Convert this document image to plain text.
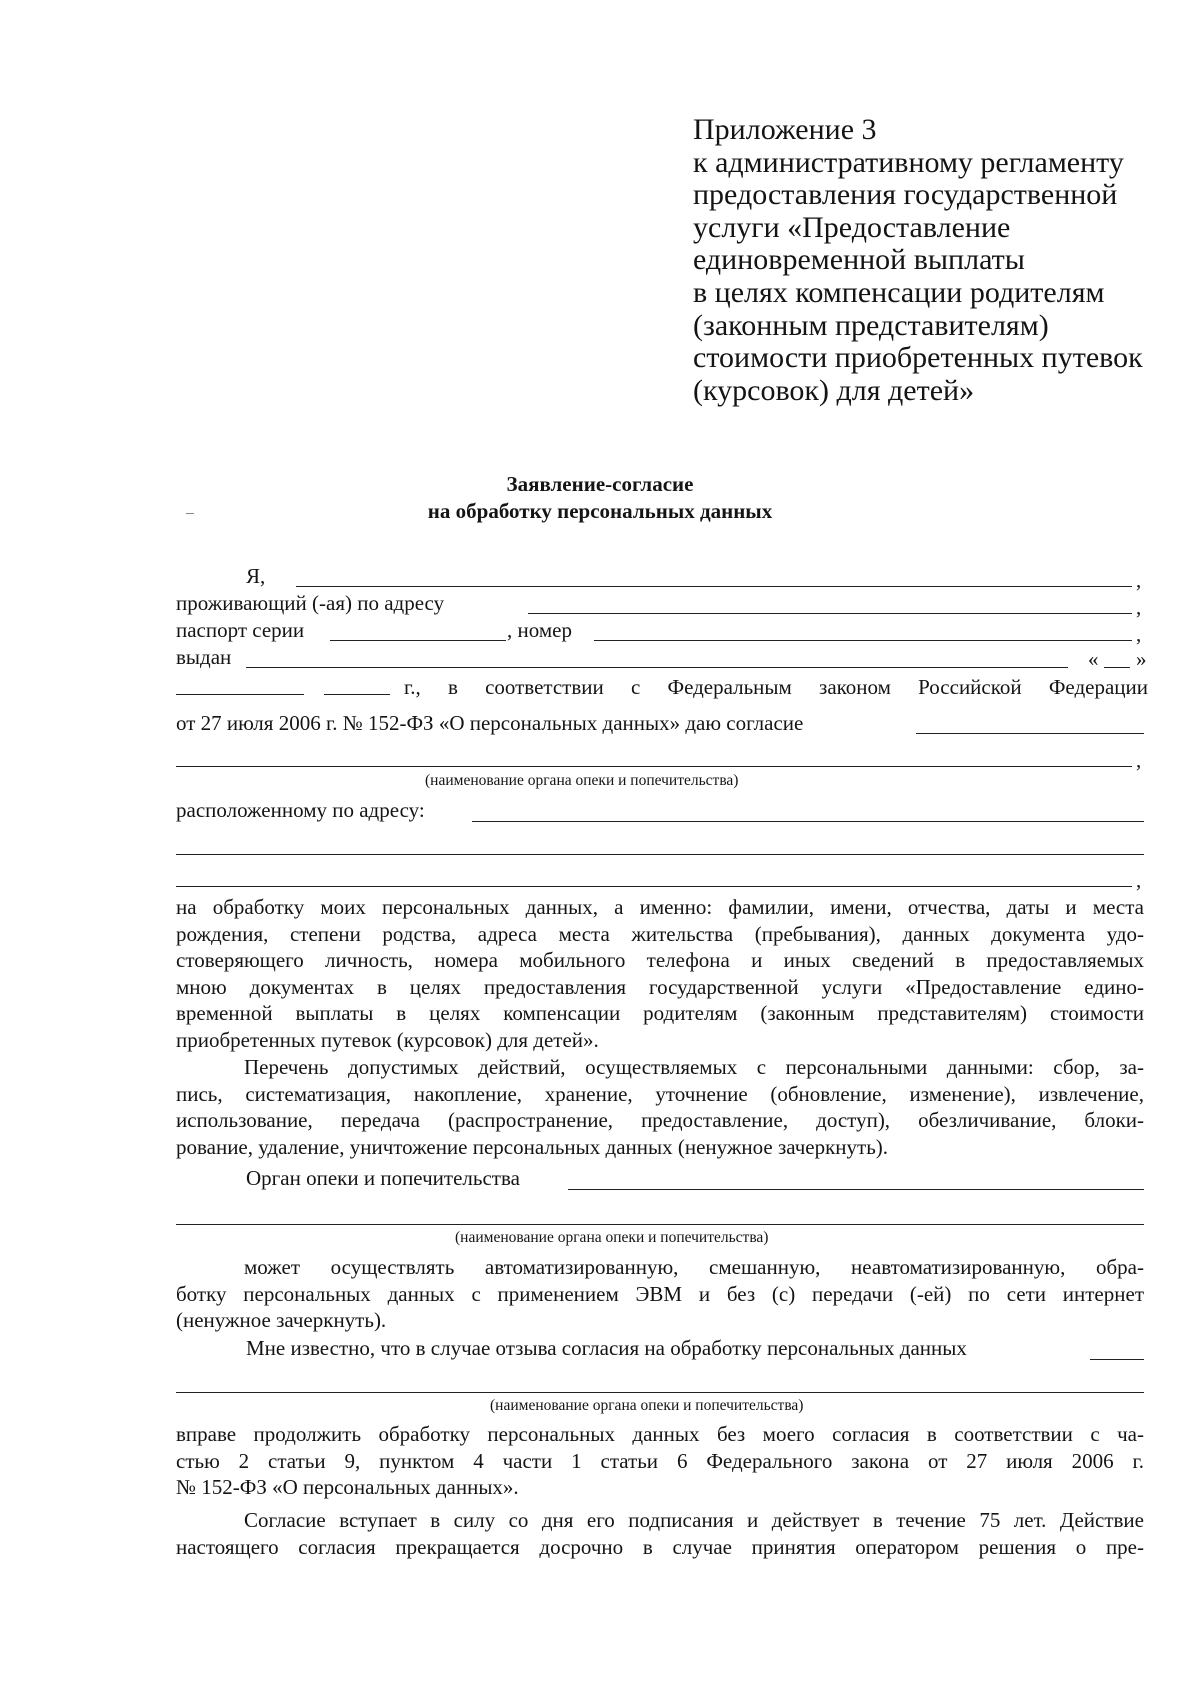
Приложение 3
к административному регламенту
предоставления государственной
услуги «Предоставление
единовременной выплаты
в целях компенсации родителям
(законным представителям)
стоимости приобретенных путевок
(курсовок) для детей»
Заявление-согласие
на обработку персональных данных
Я,	,
проживающий (-ая) по адресу	,
паспорт серии	, номер	,
выдан	« »
г., в соответствии с Федеральным законом Российской Федерации
от 27 июля 2006 г. № 152-ФЗ «О персональных данных» даю согласие
,
(наименование органа опеки и попечительства)
расположенному по адресу:
,
на обработку моих персональных данных, а именно: фамилии, имени, отчества, даты и места
рождения, степени родства, адреса места жительства (пребывания), данных документа удо-
стоверяющего личность, номера мобильного телефона и иных сведений в предоставляемых
мною документах в целях предоставления государственной услуги «Предоставление едино-
временной выплаты в целях компенсации родителям (законным представителям) стоимости
приобретенных путевок (курсовок) для детей».
Перечень допустимых действий, осуществляемых с персональными данными: сбор, за-
пись, систематизация, накопление, хранение, уточнение (обновление, изменение), извлечение,
использование, передача (распространение, предоставление, доступ), обезличивание, блоки-
рование, удаление, уничтожение персональных данных (ненужное зачеркнуть).
Орган опеки и попечительства
(наименование органа опеки и попечительства)
может осуществлять автоматизированную, смешанную, неавтоматизированную, обра-
ботку персональных данных с применением ЭВМ и без (с) передачи (-ей) по сети интернет
(ненужное зачеркнуть).
Мне известно, что в случае отзыва согласия на обработку персональных данных
(наименование органа опеки и попечительства)
вправе продолжить обработку персональных данных без моего согласия в соответствии с ча-
стью 2 статьи 9, пунктом 4 части 1 статьи 6 Федерального закона от 27 июля 2006 г.
№ 152-ФЗ «О персональных данных».
Согласие вступает в силу со дня его подписания и действует в течение 75 лет. Действие
настоящего согласия прекращается досрочно в случае принятия оператором решения о пре-
